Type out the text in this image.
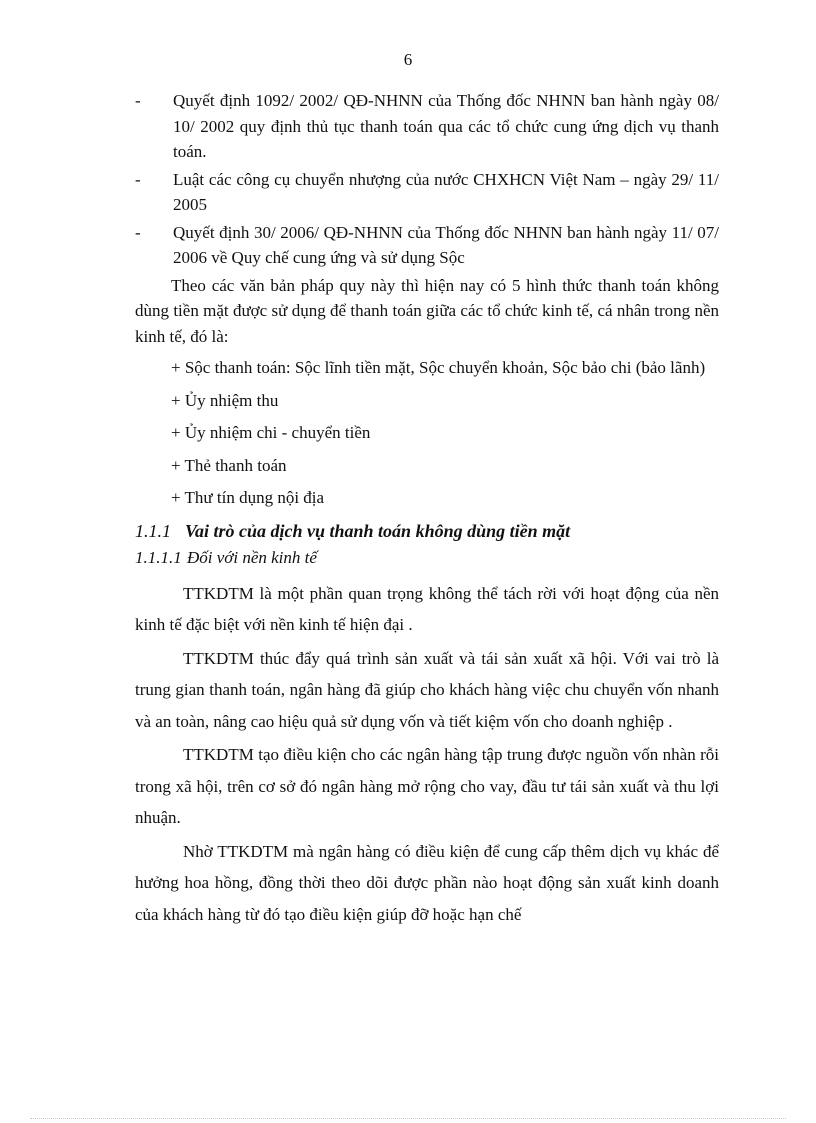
6
-	Quyết định 1092/ 2002/ QĐ-NHNN của Thống đốc NHNN ban hành ngày 08/ 10/ 2002 quy định thủ tục thanh toán qua các tổ chức cung ứng dịch vụ thanh toán.
-	Luật các công cụ chuyển nhượng của nước CHXHCN Việt Nam – ngày 29/ 11/ 2005
-	Quyết định 30/ 2006/ QĐ-NHNN của Thống đốc NHNN ban hành ngày 11/ 07/ 2006 về Quy chế cung ứng và sử dụng Sộc

Theo các văn bản pháp quy này thì hiện nay có 5 hình thức thanh toán không dùng tiền mặt được sử dụng để thanh toán giữa các tổ chức kinh tế, cá nhân trong nền kinh tế, đó là:

+ Sộc thanh toán: Sộc lĩnh tiền mặt, Sộc chuyển khoản, Sộc bảo chi (bảo lãnh)

+ Ủy nhiệm thu

+ Ủy nhiệm chi - chuyển tiền

+ Thẻ thanh toán

+ Thư tín dụng nội địa

1.1.1 Vai trò của dịch vụ thanh toán không dùng tiền mặt
1.1.1.1 Đối với nền kinh tế

TTKDTM là một phần quan trọng không thể tách rời với hoạt động của nền kinh tế đặc biệt với nền kinh tế hiện đại .

TTKDTM thúc đẩy quá trình sản xuất và tái sản xuất xã hội. Với vai trò là trung gian thanh toán, ngân hàng đã giúp cho khách hàng việc chu chuyển vốn nhanh và an toàn, nâng cao hiệu quả sử dụng vốn và tiết kiệm vốn cho doanh nghiệp .

TTKDTM tạo điều kiện cho các ngân hàng tập trung được nguồn vốn nhàn rỗi trong xã hội, trên cơ sở đó ngân hàng mở rộng cho vay, đầu tư tái sản xuất và thu lợi nhuận.

Nhờ TTKDTM mà ngân hàng có điều kiện để cung cấp thêm dịch vụ khác để hưởng hoa hồng, đồng thời theo dõi được phần nào hoạt động sản xuất kinh doanh của khách hàng từ đó tạo điều kiện giúp đỡ hoặc hạn chế
